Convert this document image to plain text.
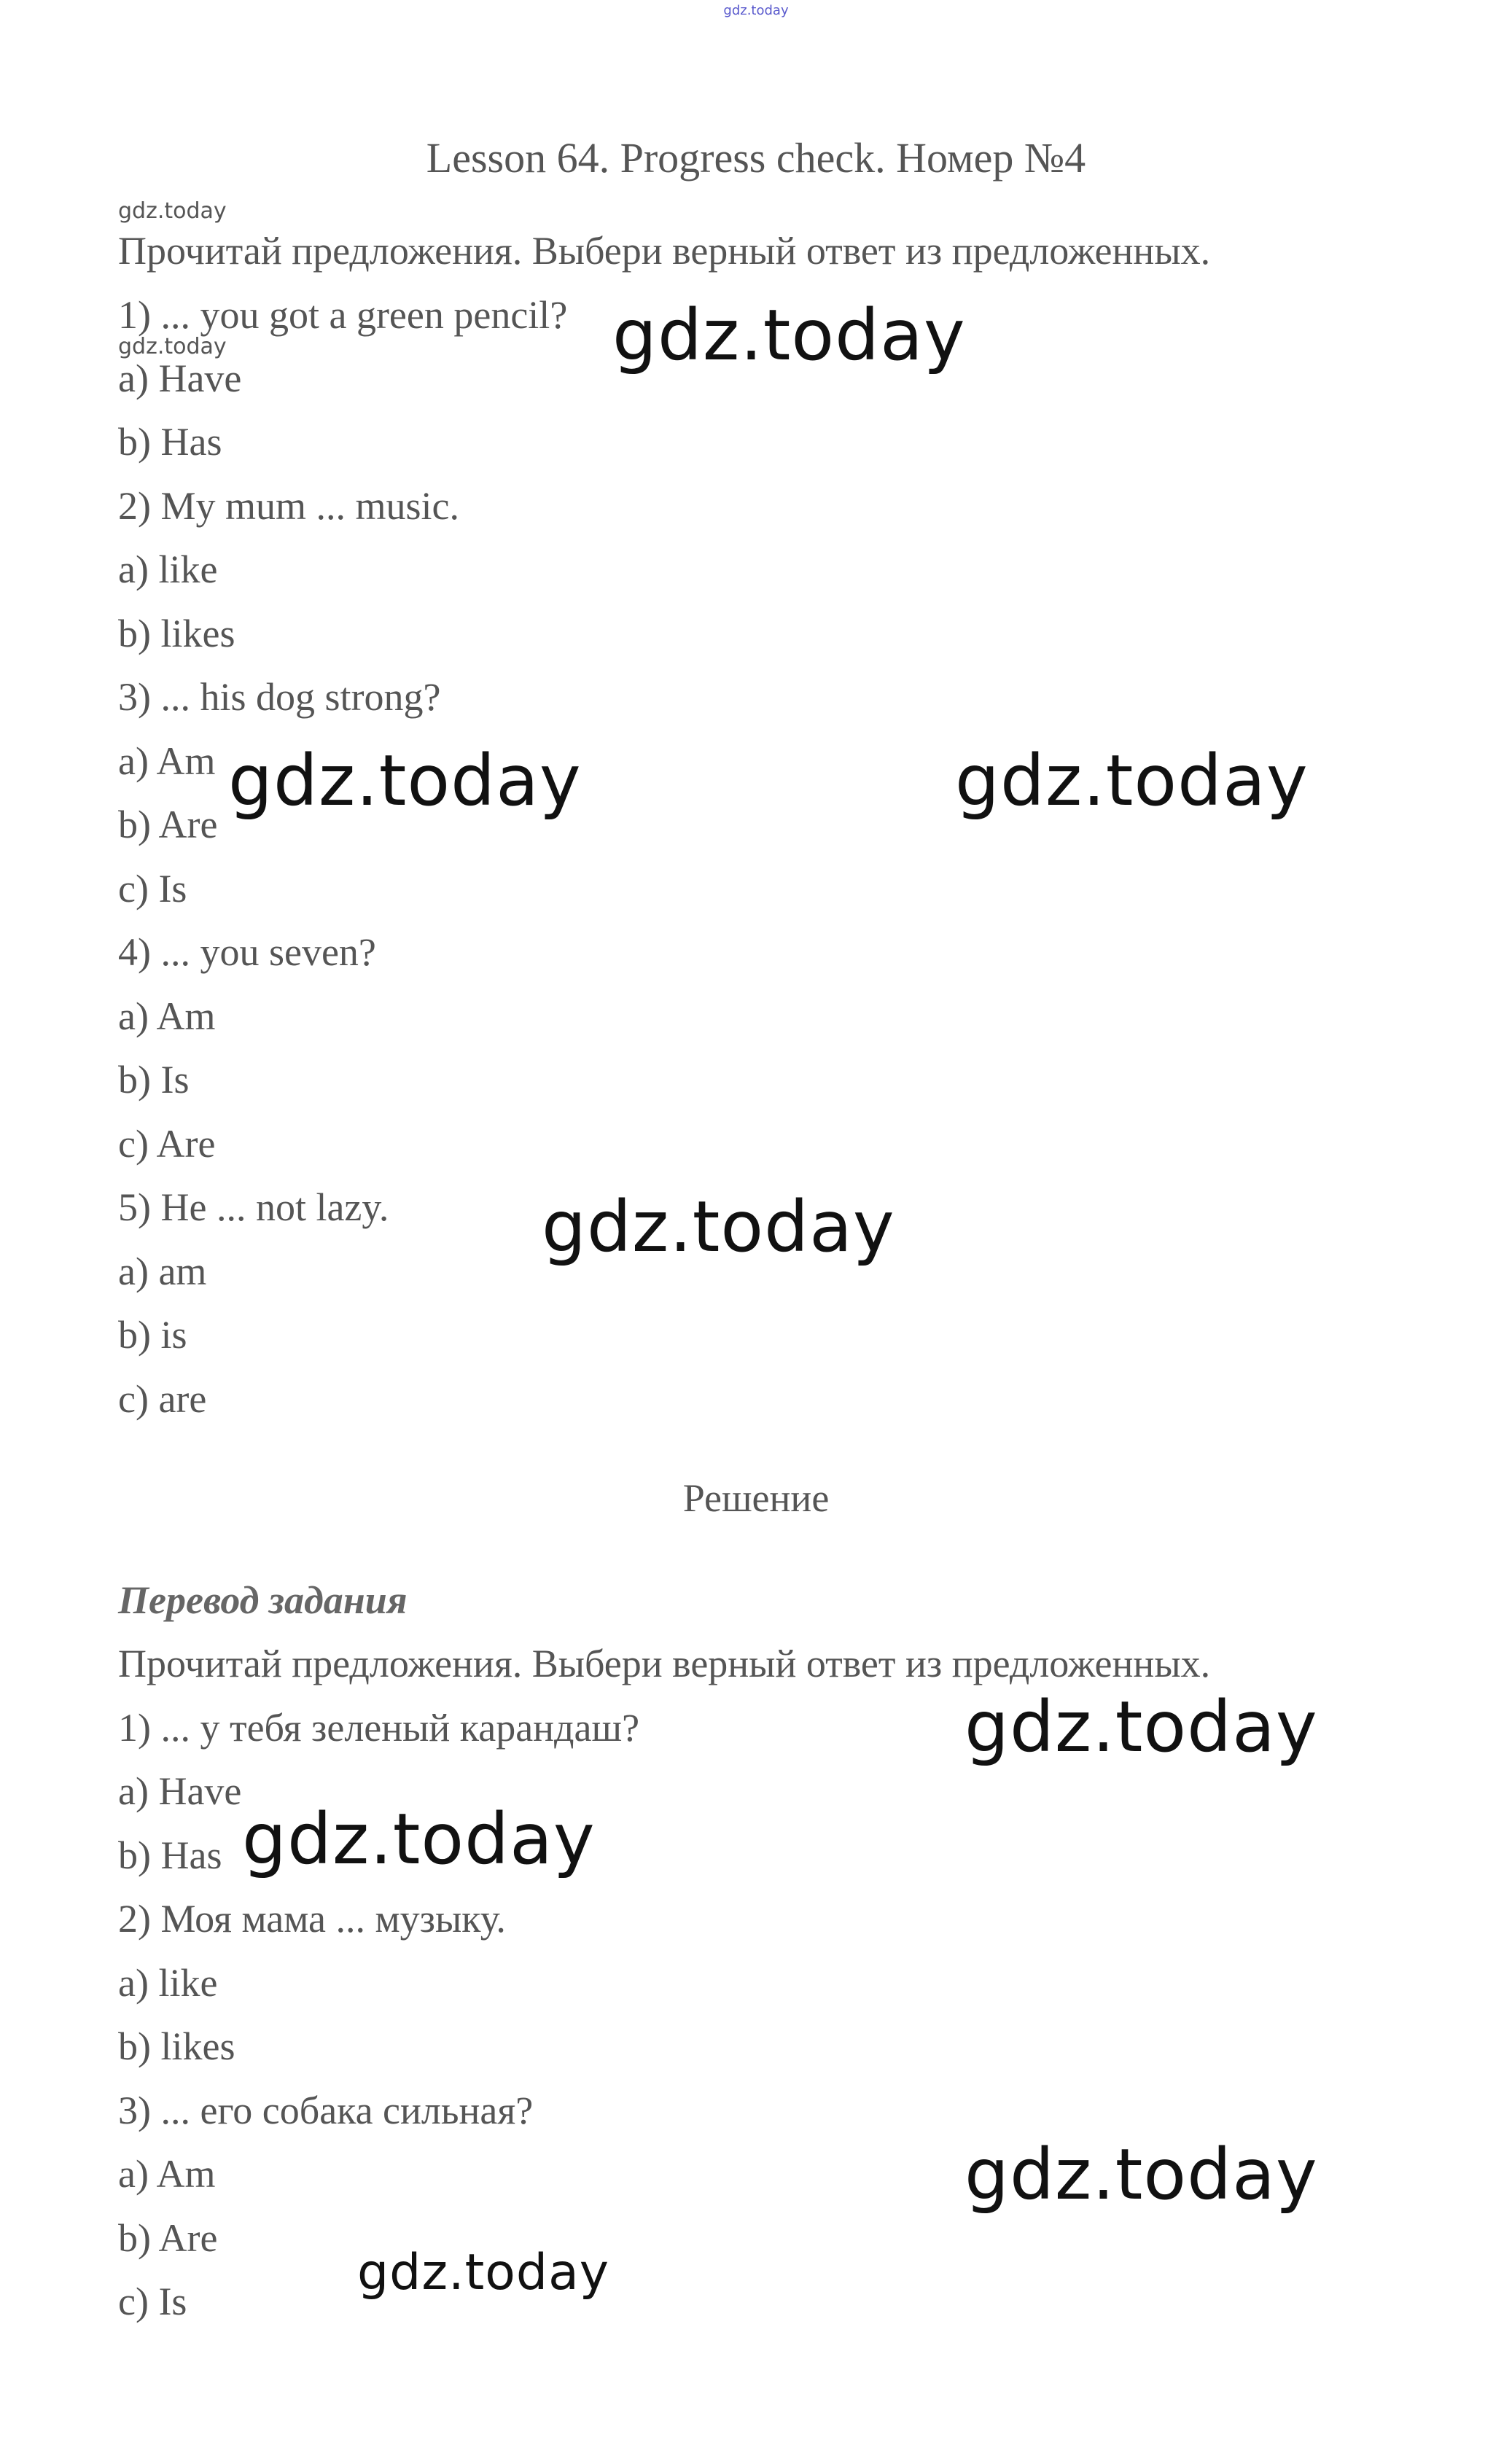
gdz.today
Lesson 64. Progress check. Номер №4
gdz.today
Прочитай предложения. Выбери верный ответ из предложенных.
1) ... you got a green pencil?
gdz.today
a) Have
b) Has
2) My mum ... music.
a) like
b) likes
3) ... his dog strong?
a) Am
b) Are
c) Is
4) ... you seven?
a) Am
b) Is
c) Are
5) He ... not lazy.
a) am
b) is
c) are
Решение
Перевод задания
Прочитай предложения. Выбери верный ответ из предложенных.
1) ... у тебя зеленый карандаш?
a) Have
b) Has
2) Моя мама ... музыку.
a) like
b) likes
3) ... его собака сильная?
a) Am
b) Are
c) Is
gdz.today
gdz.today	gdz.today
gdz.today
gdz.today
gdz.today
gdz.today
gdz.today
